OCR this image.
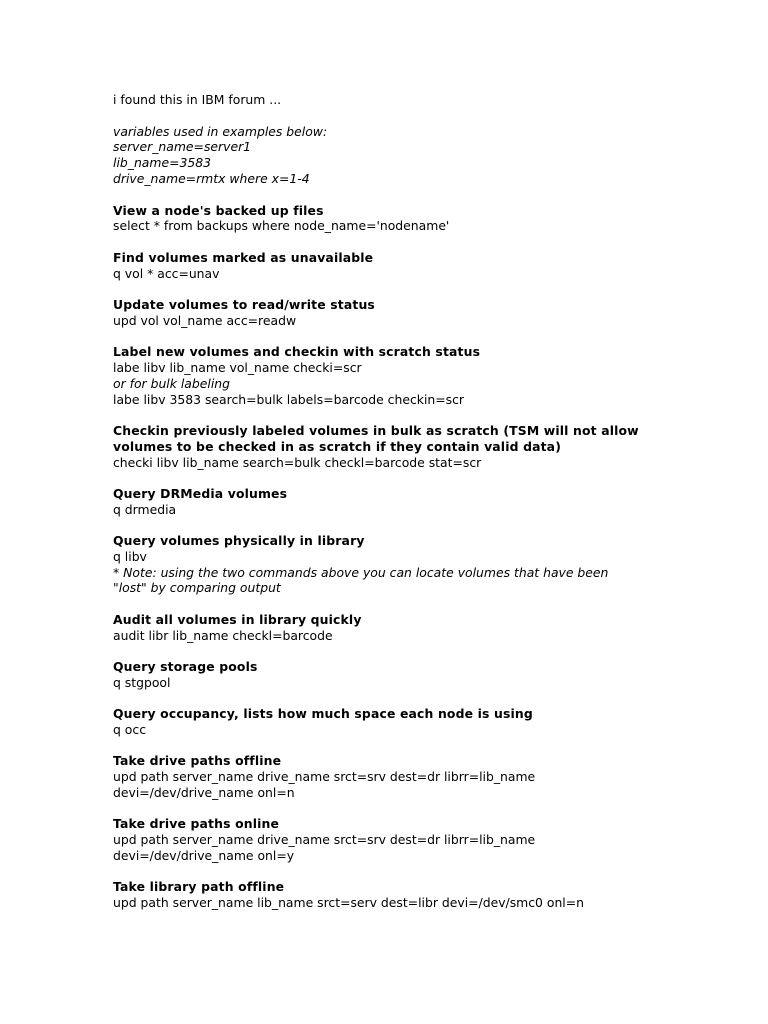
i found this in IBM forum ...
variables used in examples below:
server_name=server1
lib_name=3583
drive_name=rmtx where x=1-4
View a node's backed up files
select * from backups where node_name='nodename'
Find volumes marked as unavailable
q vol * acc=unav
Update volumes to read/write status
upd vol vol_name acc=readw
Label new volumes and checkin with scratch status
labe libv lib_name vol_name checki=scr
or for bulk labeling
labe libv 3583 search=bulk labels=barcode checkin=scr
Checkin previously labeled volumes in bulk as scratch (TSM will not allow volumes to be checked in as scratch if they contain valid data)
checki libv lib_name search=bulk checkl=barcode stat=scr
Query DRMedia volumes
q drmedia
Query volumes physically in library
q libv
* Note: using the two commands above you can locate volumes that have been
"lost" by comparing output
Audit all volumes in library quickly
audit libr lib_name checkl=barcode
Query storage pools
q stgpool
Query occupancy, lists how much space each node is using
q occ
Take drive paths offline
upd path server_name drive_name srct=srv dest=dr librr=lib_name
devi=/dev/drive_name onl=n
Take drive paths online
upd path server_name drive_name srct=srv dest=dr librr=lib_name
devi=/dev/drive_name onl=y
Take library path offline
upd path server_name lib_name srct=serv dest=libr devi=/dev/smc0 onl=n
